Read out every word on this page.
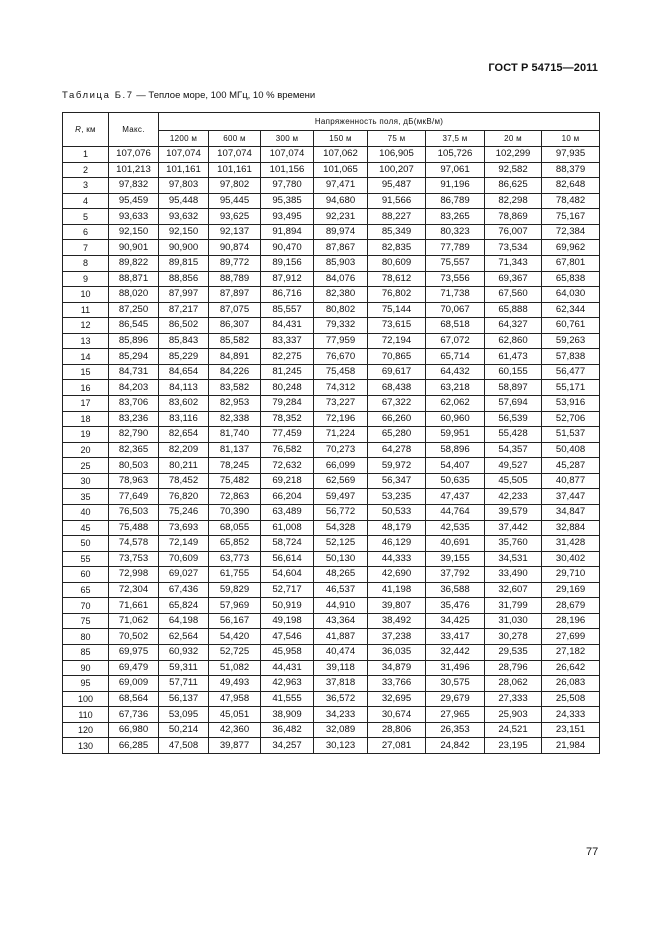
ГОСТ Р 54715—2011
Таблица Б.7 — Теплое море, 100 МГц, 10 % времени
R, км	Макс.	Напряженность поля, дБ(мкВ/м)							
		1200 м	600 м	300 м	150 м	75 м	37,5 м	20 м	10 м
1	107,076	107,074	107,074	107,074	107,062	106,905	105,726	102,299	97,935
2	101,213	101,161	101,161	101,156	101,065	100,207	97,061	92,582	88,379
3	97,832	97,803	97,802	97,780	97,471	95,487	91,196	86,625	82,648
4	95,459	95,448	95,445	95,385	94,680	91,566	86,789	82,298	78,482
5	93,633	93,632	93,625	93,495	92,231	88,227	83,265	78,869	75,167
6	92,150	92,150	92,137	91,894	89,974	85,349	80,323	76,007	72,384
7	90,901	90,900	90,874	90,470	87,867	82,835	77,789	73,534	69,962
8	89,822	89,815	89,772	89,156	85,903	80,609	75,557	71,343	67,801
9	88,871	88,856	88,789	87,912	84,076	78,612	73,556	69,367	65,838
10	88,020	87,997	87,897	86,716	82,380	76,802	71,738	67,560	64,030
11	87,250	87,217	87,075	85,557	80,802	75,144	70,067	65,888	62,344
12	86,545	86,502	86,307	84,431	79,332	73,615	68,518	64,327	60,761
13	85,896	85,843	85,582	83,337	77,959	72,194	67,072	62,860	59,263
14	85,294	85,229	84,891	82,275	76,670	70,865	65,714	61,473	57,838
15	84,731	84,654	84,226	81,245	75,458	69,617	64,432	60,155	56,477
16	84,203	84,113	83,582	80,248	74,312	68,438	63,218	58,897	55,171
17	83,706	83,602	82,953	79,284	73,227	67,322	62,062	57,694	53,916
18	83,236	83,116	82,338	78,352	72,196	66,260	60,960	56,539	52,706
19	82,790	82,654	81,740	77,459	71,224	65,280	59,951	55,428	51,537
20	82,365	82,209	81,137	76,582	70,273	64,278	58,896	54,357	50,408
25	80,503	80,211	78,245	72,632	66,099	59,972	54,407	49,527	45,287
30	78,963	78,452	75,482	69,218	62,569	56,347	50,635	45,505	40,877
35	77,649	76,820	72,863	66,204	59,497	53,235	47,437	42,233	37,447
40	76,503	75,246	70,390	63,489	56,772	50,533	44,764	39,579	34,847
45	75,488	73,693	68,055	61,008	54,328	48,179	42,535	37,442	32,884
50	74,578	72,149	65,852	58,724	52,125	46,129	40,691	35,760	31,428
55	73,753	70,609	63,773	56,614	50,130	44,333	39,155	34,531	30,402
60	72,998	69,027	61,755	54,604	48,265	42,690	37,792	33,490	29,710
65	72,304	67,436	59,829	52,717	46,537	41,198	36,588	32,607	29,169
70	71,661	65,824	57,969	50,919	44,910	39,807	35,476	31,799	28,679
75	71,062	64,198	56,167	49,198	43,364	38,492	34,425	31,030	28,196
80	70,502	62,564	54,420	47,546	41,887	37,238	33,417	30,278	27,699
85	69,975	60,932	52,725	45,958	40,474	36,035	32,442	29,535	27,182
90	69,479	59,311	51,082	44,431	39,118	34,879	31,496	28,796	26,642
95	69,009	57,711	49,493	42,963	37,818	33,766	30,575	28,062	26,083
100	68,564	56,137	47,958	41,555	36,572	32,695	29,679	27,333	25,508
110	67,736	53,095	45,051	38,909	34,233	30,674	27,965	25,903	24,333
120	66,980	50,214	42,360	36,482	32,089	28,806	26,353	24,521	23,151
130	66,285	47,508	39,877	34,257	30,123	27,081	24,842	23,195	21,984
77
